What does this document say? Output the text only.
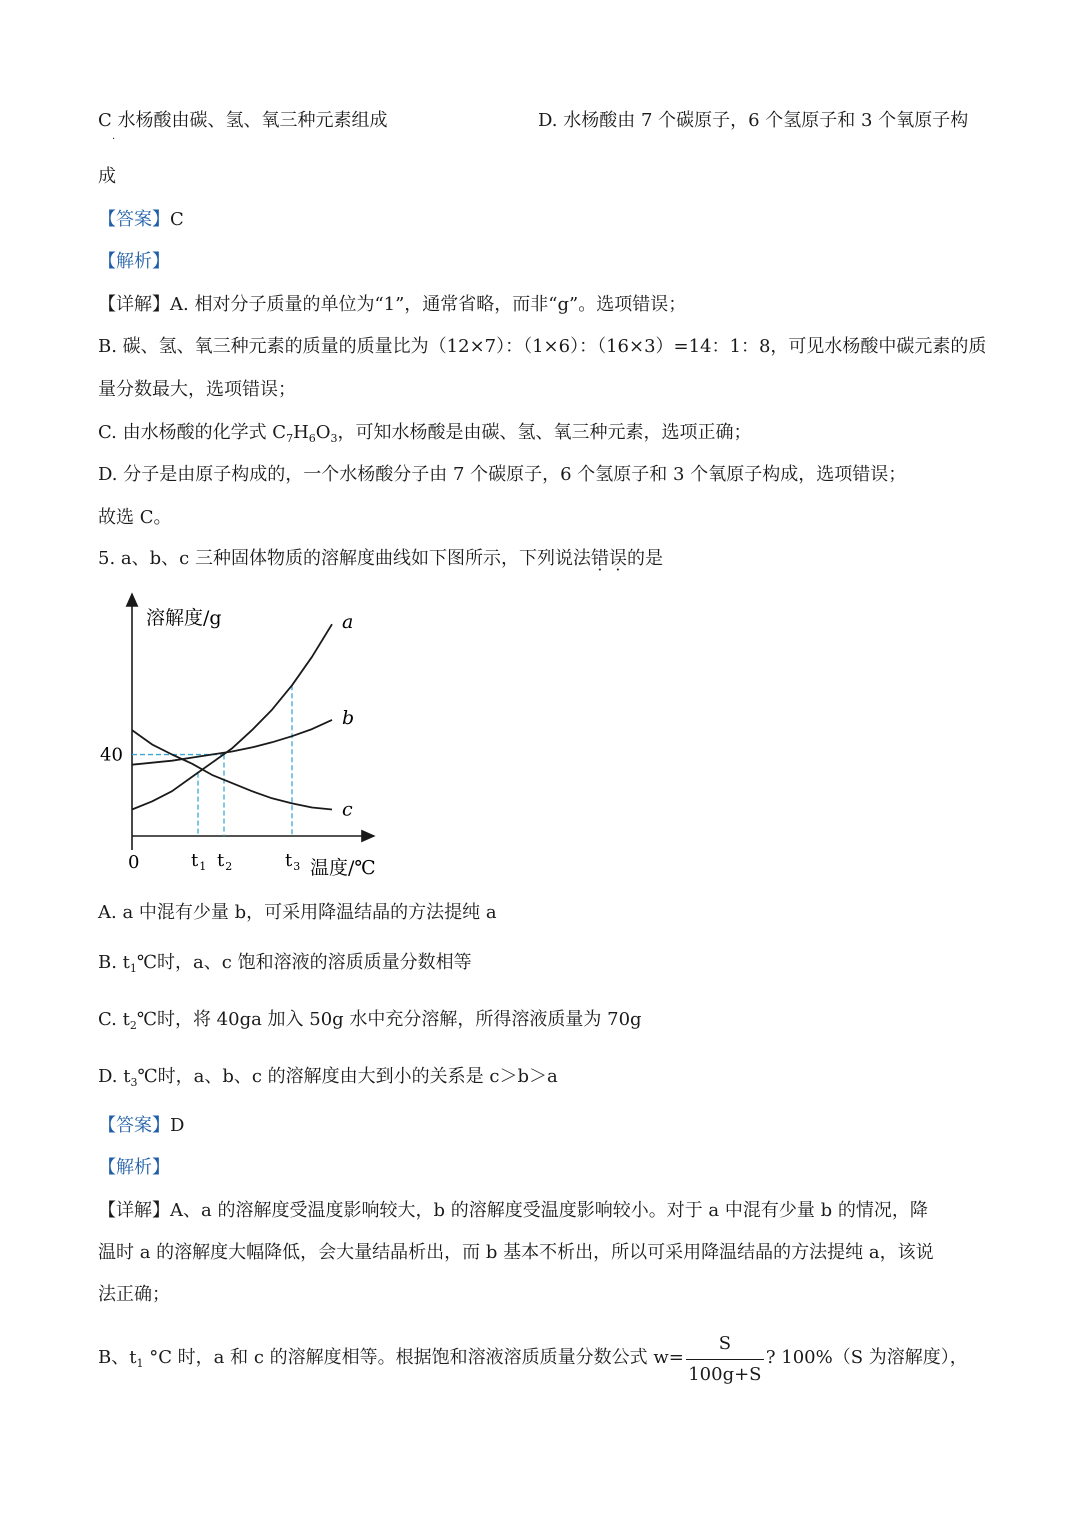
C 水杨酸由碳、氢、氧三种元素组成	D. 水杨酸由 7 个碳原子，6 个氢原子和 3 个氧原子构
·
成
【答案】C
【解析】
【详解】A. 相对分子质量的单位为“1”，通常省略，而非“g”。选项错误；
B. 碳、氢、氧三种元素的质量的质量比为（12×7）：（1×6）：（16×3）=14：1：8，可见水杨酸中碳元素的质
量分数最大，选项错误；
C. 由水杨酸的化学式 $C_7H_6O_3$，可知水杨酸是由碳、氢、氧三种元素，选项正确；
D. 分子是由原子构成的，一个水杨酸分子由 7 个碳原子，6 个氢原子和 3 个氧原子构成，选项错误；
故选 C。
5. a、b、c 三种固体物质的溶解度曲线如下图所示，下列说法错误的是
溶解度/g
温度/℃
0
40
$t_1$ $t_2$	$t_3$
a
b
c
A. a 中混有少量 b，可采用降温结晶的方法提纯 a
B. $t_1℃$时，a、c 饱和溶液的溶质质量分数相等
C. $t_2℃$时，将 40ga 加入 50g 水中充分溶解，所得溶液质量为 70g
D. $t_3℃$时，a、b、c 的溶解度由大到小的关系是 c＞b＞a
【答案】D
【解析】
【详解】A、a 的溶解度受温度影响较大，b 的溶解度受温度影响较小。对于 a 中混有少量 b 的情况，降
温时 a 的溶解度大幅降低，会大量结晶析出，而 b 基本不析出，所以可采用降温结晶的方法提纯 a，该说
法正确；
B、$t_1$ °C 时，a 和 c 的溶解度相等。根据饱和溶液溶质质量分数公式 $w= \frac{S}{100g+S}$ ? 100%（S 为溶解度），
